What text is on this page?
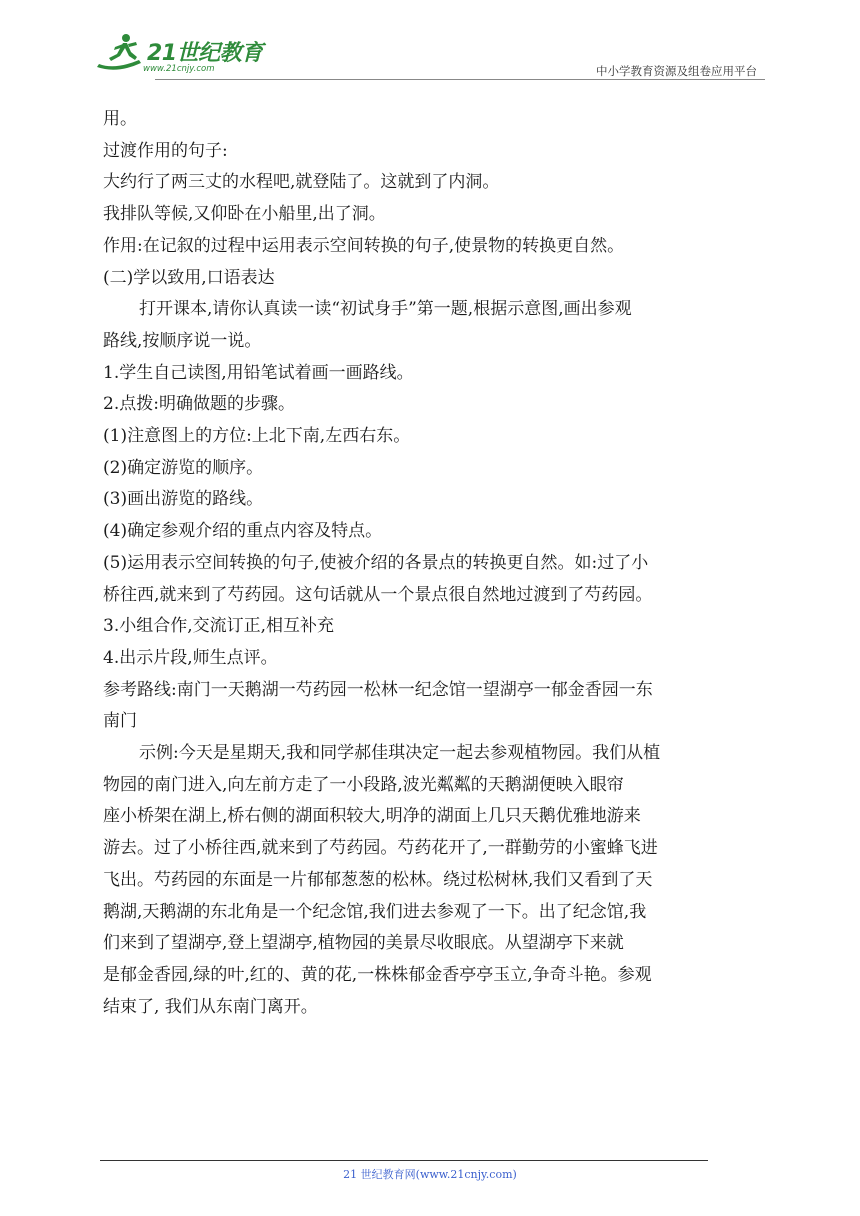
21世纪教育
www.21cnjy.com	中小学教育资源及组卷应用平台

用。

过渡作用的句子:

大约行了两三丈的水程吧,就登陆了。这就到了内洞。

我排队等候,又仰卧在小船里,出了洞。

作用:在记叙的过程中运用表示空间转换的句子,使景物的转换更自然。

(二)学以致用,口语表达

打开课本,请你认真读一读“初试身手”第一题,根据示意图,画出参观

路线,按顺序说一说。

1.学生自己读图,用铅笔试着画一画路线。

2.点拨:明确做题的步骤。

(1)注意图上的方位:上北下南,左西右东。

(2)确定游览的顺序。

(3)画出游览的路线。

(4)确定参观介绍的重点内容及特点。

(5)运用表示空间转换的句子,使被介绍的各景点的转换更自然。如:过了小

桥往西,就来到了芍药园。这句话就从一个景点很自然地过渡到了芍药园。

3.小组合作,交流订正,相互补充

4.出示片段,师生点评。

参考路线:南门一天鹅湖一芍药园一松林一纪念馆一望湖亭一郁金香园一东

南门

示例:今天是星期天,我和同学郝佳琪决定一起去参观植物园。我们从植

物园的南门进入,向左前方走了一小段路,波光粼粼的天鹅湖便映入眼帘

座小桥架在湖上,桥右侧的湖面积较大,明净的湖面上几只天鹅优雅地游来

游去。过了小桥往西,就来到了芍药园。芍药花开了,一群勤劳的小蜜蜂飞进

飞出。芍药园的东面是一片郁郁葱葱的松林。绕过松树林,我们又看到了天

鹅湖,天鹅湖的东北角是一个纪念馆,我们进去参观了一下。出了纪念馆,我

们来到了望湖亭,登上望湖亭,植物园的美景尽收眼底。从望湖亭下来就

是郁金香园,绿的叶,红的、黄的花,一株株郁金香亭亭玉立,争奇斗艳。参观

结束了, 我们从东南门离开。

21 世纪教育网(www.21cnjy.com)
